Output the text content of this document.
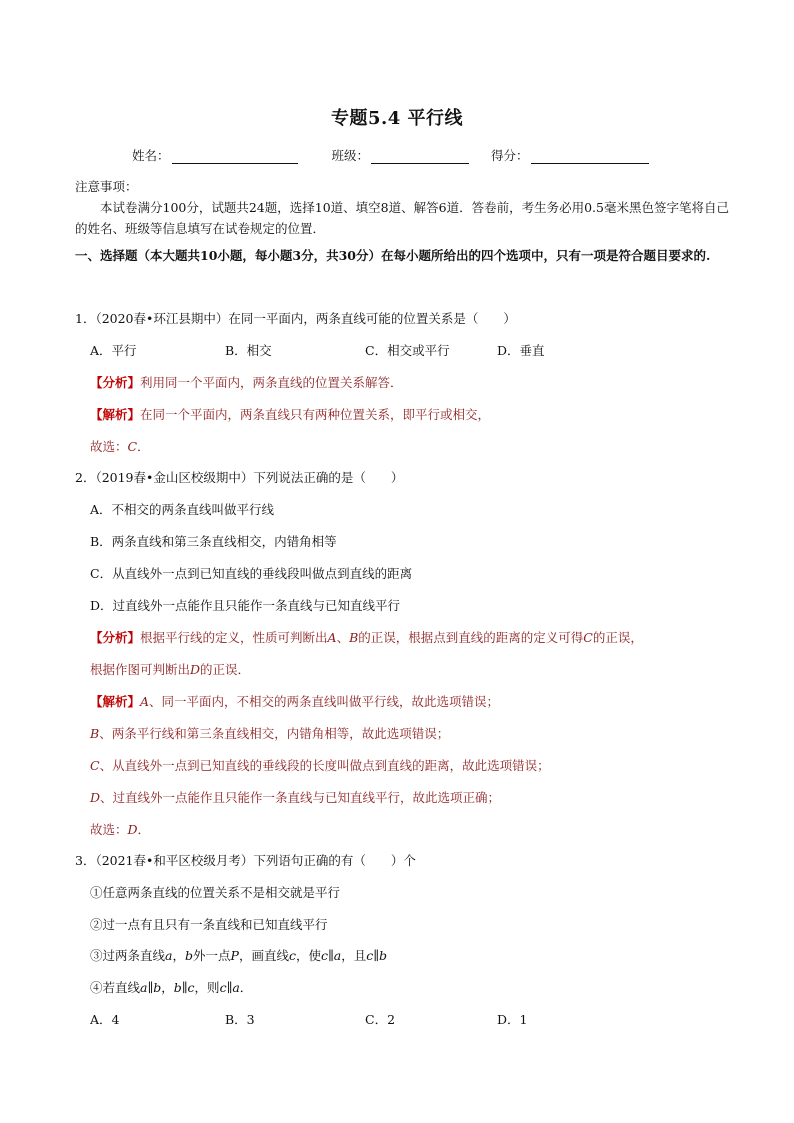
专题5.4 平行线
姓名：	班级：	得分：
注意事项：
本试卷满分100分，试题共24题，选择10道、填空8道、解答6道．答卷前，考生务必用0.5毫米黑色签字笔将自己的姓名、班级等信息填写在试卷规定的位置．
一、选择题（本大题共10小题，每小题3分，共30分）在每小题所给出的四个选项中，只有一项是符合题目要求的.
1．（2020春•环江县期中）在同一平面内，两条直线可能的位置关系是（　　）
A．平行	B．相交	C．相交或平行	D．垂直
【分析】利用同一个平面内，两条直线的位置关系解答．
【解析】在同一个平面内，两条直线只有两种位置关系，即平行或相交，
故选：C．
2．（2019春•金山区校级期中）下列说法正确的是（　　）
A．不相交的两条直线叫做平行线
B．两条直线和第三条直线相交，内错角相等
C．从直线外一点到已知直线的垂线段叫做点到直线的距离
D．过直线外一点能作且只能作一条直线与已知直线平行
【分析】根据平行线的定义，性质可判断出A、B的正误，根据点到直线的距离的定义可得C的正误，
根据作图可判断出D的正误．
【解析】A、同一平面内，不相交的两条直线叫做平行线，故此选项错误；
B、两条平行线和第三条直线相交，内错角相等，故此选项错误；
C、从直线外一点到已知直线的垂线段的长度叫做点到直线的距离，故此选项错误；
D、过直线外一点能作且只能作一条直线与已知直线平行，故此选项正确；
故选：D．
3．（2021春•和平区校级月考）下列语句正确的有（　　）个
①任意两条直线的位置关系不是相交就是平行
②过一点有且只有一条直线和已知直线平行
③过两条直线a，b外一点P，画直线c，使c∥a，且c∥b
④若直线a∥b，b∥c，则c∥a．
A．4	B．3	C．2	D．1
